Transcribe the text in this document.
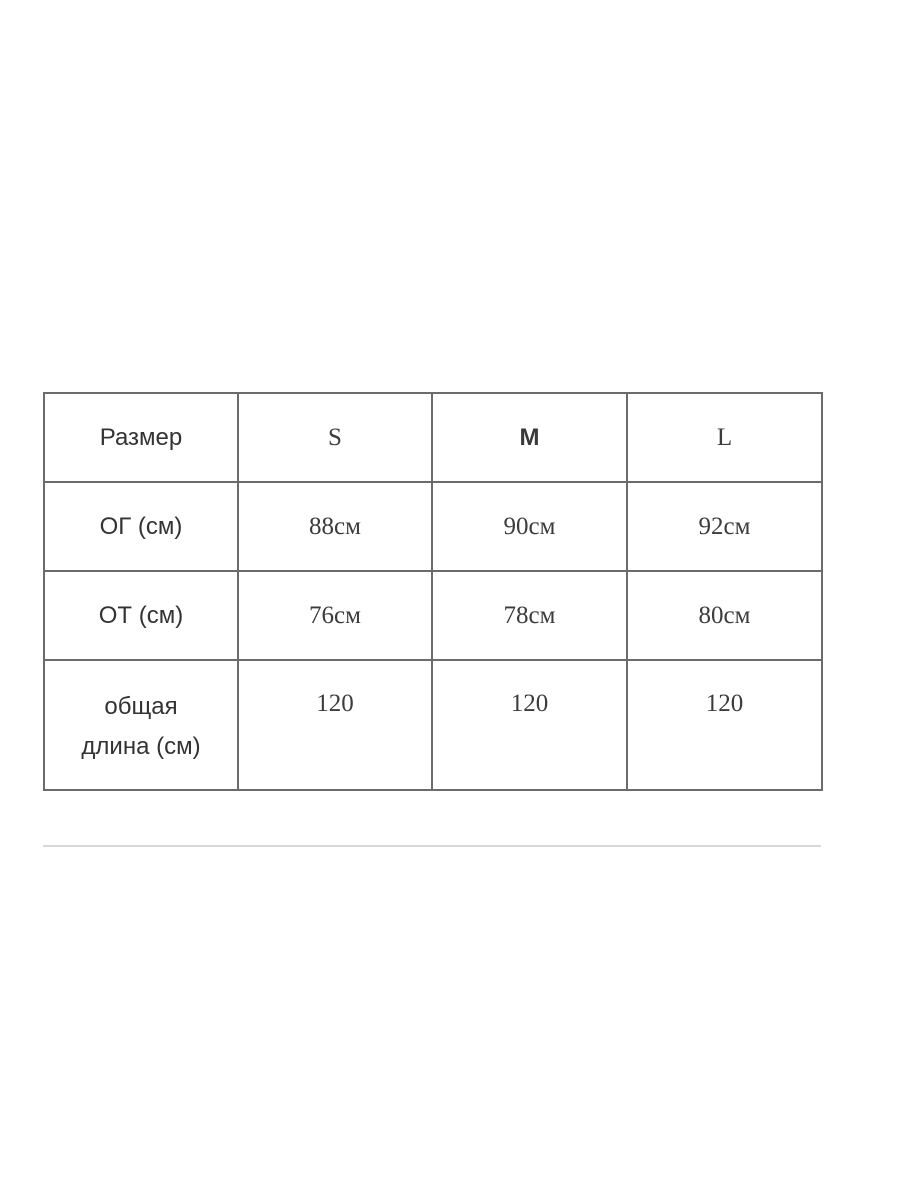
Размер	S	M	L
ОГ (см)	88см	90см	92см
ОТ (см)	76см	78см	80см
общая
длина (см)	120	120	120
